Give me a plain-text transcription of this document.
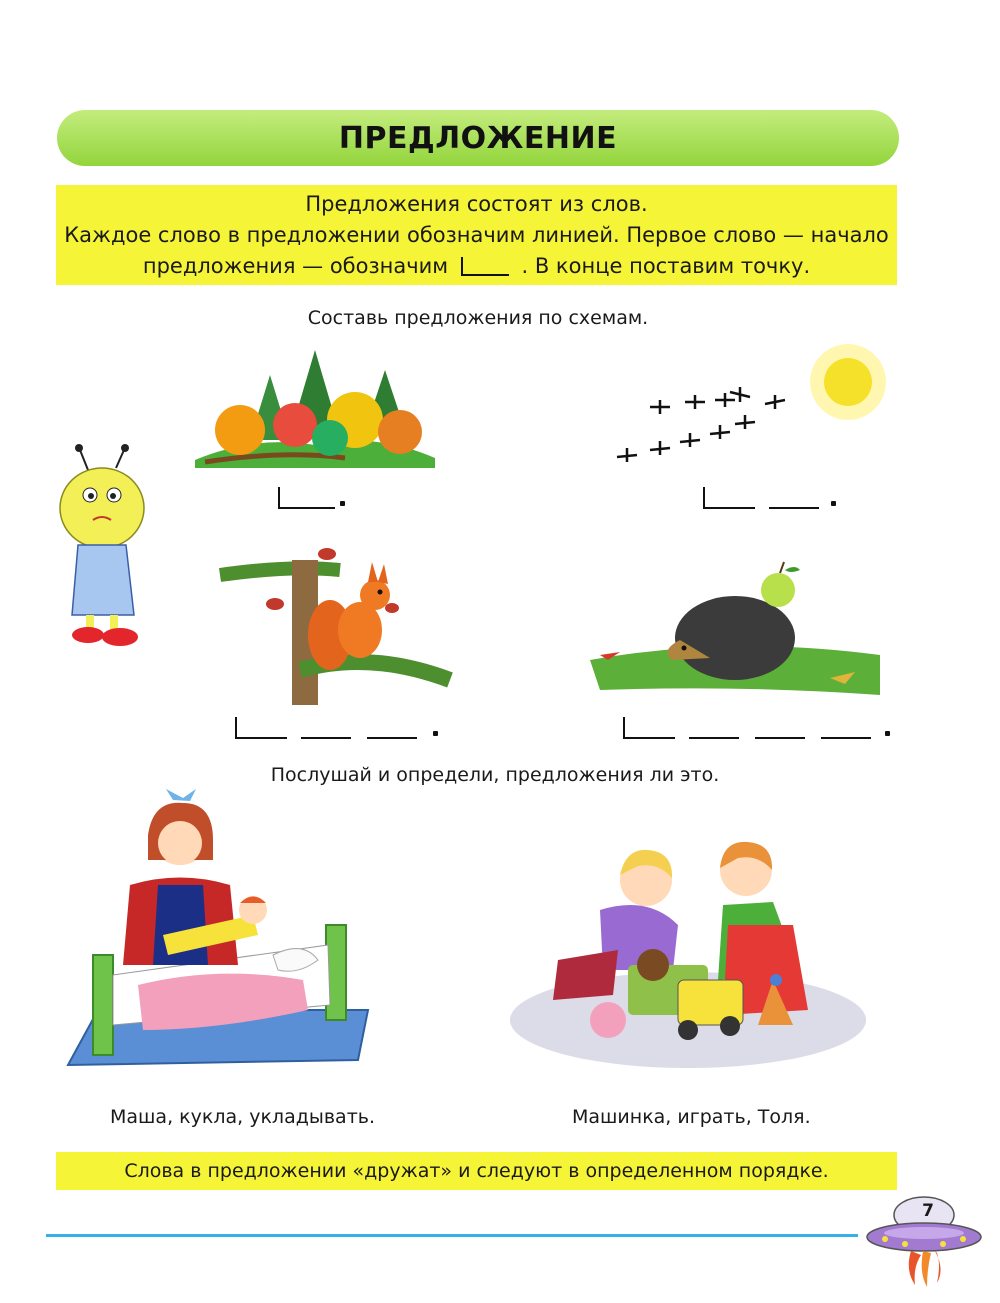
ПРЕДЛОЖЕНИЕ
Предложения состоят из слов.
Каждое слово в предложении обозначим линией. Первое слово — начало
предложения — обозначим	. В конце поставим точку.
Составь предложения по схемам.
Послушай и определи, предложения ли это.
Маша, кукла, укладывать.	Машинка, играть, Толя.
Слова в предложении «дружат» и следуют в определенном порядке.
7
